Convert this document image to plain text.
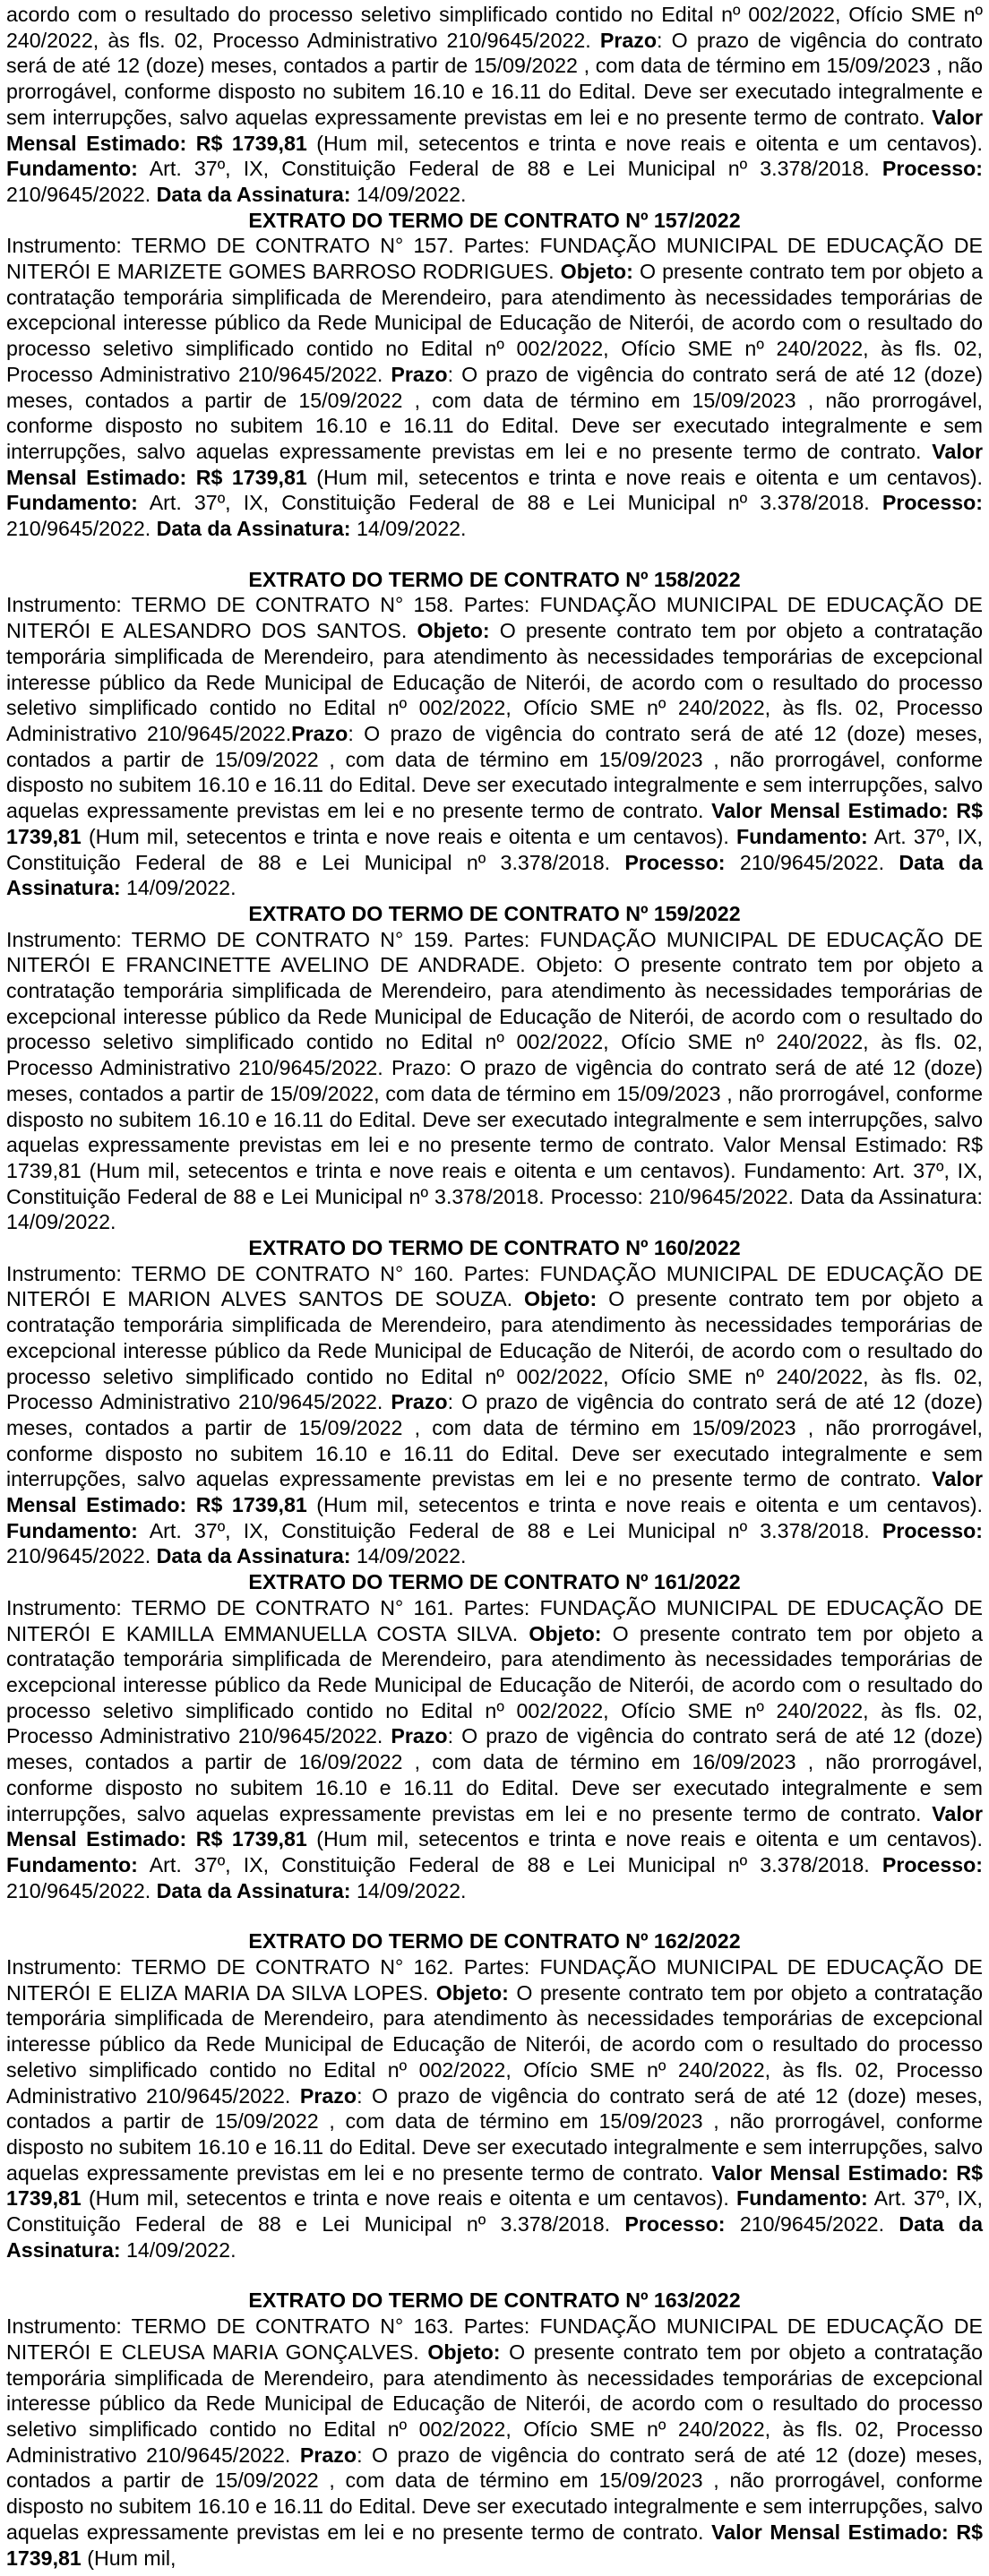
acordo com o resultado do processo seletivo simplificado contido no Edital nº 002/2022, Ofício SME nº 240/2022, às fls. 02, Processo Administrativo 210/9645/2022. Prazo: O prazo de vigência do contrato será de até 12 (doze) meses, contados a partir de 15/09/2022 , com data de término em 15/09/2023 , não prorrogável, conforme disposto no subitem 16.10 e 16.11 do Edital. Deve ser executado integralmente e sem interrupções, salvo aquelas expressamente previstas em lei e no presente termo de contrato. Valor Mensal Estimado: R$ 1739,81 (Hum mil, setecentos e trinta e nove reais e oitenta e um centavos). Fundamento: Art. 37º, IX, Constituição Federal de 88 e Lei Municipal nº 3.378/2018. Processo: 210/9645/2022. Data da Assinatura: 14/09/2022.

EXTRATO DO TERMO DE CONTRATO Nº 157/2022

Instrumento: TERMO DE CONTRATO N° 157. Partes: FUNDAÇÃO MUNICIPAL DE EDUCAÇÃO DE NITERÓI E MARIZETE GOMES BARROSO RODRIGUES. Objeto: O presente contrato tem por objeto a contratação temporária simplificada de Merendeiro, para atendimento às necessidades temporárias de excepcional interesse público da Rede Municipal de Educação de Niterói, de acordo com o resultado do processo seletivo simplificado contido no Edital nº 002/2022, Ofício SME nº 240/2022, às fls. 02, Processo Administrativo 210/9645/2022. Prazo: O prazo de vigência do contrato será de até 12 (doze) meses, contados a partir de 15/09/2022 , com data de término em 15/09/2023 , não prorrogável, conforme disposto no subitem 16.10 e 16.11 do Edital. Deve ser executado integralmente e sem interrupções, salvo aquelas expressamente previstas em lei e no presente termo de contrato. Valor Mensal Estimado: R$ 1739,81 (Hum mil, setecentos e trinta e nove reais e oitenta e um centavos). Fundamento: Art. 37º, IX, Constituição Federal de 88 e Lei Municipal nº 3.378/2018. Processo: 210/9645/2022. Data da Assinatura: 14/09/2022.

EXTRATO DO TERMO DE CONTRATO Nº 158/2022

Instrumento: TERMO DE CONTRATO N° 158. Partes: FUNDAÇÃO MUNICIPAL DE EDUCAÇÃO DE NITERÓI E ALESANDRO DOS SANTOS. Objeto: O presente contrato tem por objeto a contratação temporária simplificada de Merendeiro, para atendimento às necessidades temporárias de excepcional interesse público da Rede Municipal de Educação de Niterói, de acordo com o resultado do processo seletivo simplificado contido no Edital nº 002/2022, Ofício SME nº 240/2022, às fls. 02, Processo Administrativo 210/9645/2022.Prazo: O prazo de vigência do contrato será de até 12 (doze) meses, contados a partir de 15/09/2022 , com data de término em 15/09/2023 , não prorrogável, conforme disposto no subitem 16.10 e 16.11 do Edital. Deve ser executado integralmente e sem interrupções, salvo aquelas expressamente previstas em lei e no presente termo de contrato. Valor Mensal Estimado: R$ 1739,81 (Hum mil, setecentos e trinta e nove reais e oitenta e um centavos). Fundamento: Art. 37º, IX, Constituição Federal de 88 e Lei Municipal nº 3.378/2018. Processo: 210/9645/2022. Data da Assinatura: 14/09/2022.

EXTRATO DO TERMO DE CONTRATO Nº 159/2022

Instrumento: TERMO DE CONTRATO N° 159. Partes: FUNDAÇÃO MUNICIPAL DE EDUCAÇÃO DE NITERÓI E FRANCINETTE AVELINO DE ANDRADE. Objeto: O presente contrato tem por objeto a contratação temporária simplificada de Merendeiro, para atendimento às necessidades temporárias de excepcional interesse público da Rede Municipal de Educação de Niterói, de acordo com o resultado do processo seletivo simplificado contido no Edital nº 002/2022, Ofício SME nº 240/2022, às fls. 02, Processo Administrativo 210/9645/2022. Prazo: O prazo de vigência do contrato será de até 12 (doze) meses, contados a partir de 15/09/2022, com data de término em 15/09/2023 , não prorrogável, conforme disposto no subitem 16.10 e 16.11 do Edital. Deve ser executado integralmente e sem interrupções, salvo aquelas expressamente previstas em lei e no presente termo de contrato. Valor Mensal Estimado: R$ 1739,81 (Hum mil, setecentos e trinta e nove reais e oitenta e um centavos). Fundamento: Art. 37º, IX, Constituição Federal de 88 e Lei Municipal nº 3.378/2018. Processo: 210/9645/2022. Data da Assinatura: 14/09/2022.

EXTRATO DO TERMO DE CONTRATO Nº 160/2022

Instrumento: TERMO DE CONTRATO N° 160. Partes: FUNDAÇÃO MUNICIPAL DE EDUCAÇÃO DE NITERÓI E MARION ALVES SANTOS DE SOUZA. Objeto: O presente contrato tem por objeto a contratação temporária simplificada de Merendeiro, para atendimento às necessidades temporárias de excepcional interesse público da Rede Municipal de Educação de Niterói, de acordo com o resultado do processo seletivo simplificado contido no Edital nº 002/2022, Ofício SME nº 240/2022, às fls. 02, Processo Administrativo 210/9645/2022. Prazo: O prazo de vigência do contrato será de até 12 (doze) meses, contados a partir de 15/09/2022 , com data de término em 15/09/2023 , não prorrogável, conforme disposto no subitem 16.10 e 16.11 do Edital. Deve ser executado integralmente e sem interrupções, salvo aquelas expressamente previstas em lei e no presente termo de contrato. Valor Mensal Estimado: R$ 1739,81 (Hum mil, setecentos e trinta e nove reais e oitenta e um centavos). Fundamento: Art. 37º, IX, Constituição Federal de 88 e Lei Municipal nº 3.378/2018. Processo: 210/9645/2022. Data da Assinatura: 14/09/2022.

EXTRATO DO TERMO DE CONTRATO Nº 161/2022

Instrumento: TERMO DE CONTRATO N° 161. Partes: FUNDAÇÃO MUNICIPAL DE EDUCAÇÃO DE NITERÓI E KAMILLA EMMANUELLA COSTA SILVA. Objeto: O presente contrato tem por objeto a contratação temporária simplificada de Merendeiro, para atendimento às necessidades temporárias de excepcional interesse público da Rede Municipal de Educação de Niterói, de acordo com o resultado do processo seletivo simplificado contido no Edital nº 002/2022, Ofício SME nº 240/2022, às fls. 02, Processo Administrativo 210/9645/2022. Prazo: O prazo de vigência do contrato será de até 12 (doze) meses, contados a partir de 16/09/2022 , com data de término em 16/09/2023 , não prorrogável, conforme disposto no subitem 16.10 e 16.11 do Edital. Deve ser executado integralmente e sem interrupções, salvo aquelas expressamente previstas em lei e no presente termo de contrato. Valor Mensal Estimado: R$ 1739,81 (Hum mil, setecentos e trinta e nove reais e oitenta e um centavos). Fundamento: Art. 37º, IX, Constituição Federal de 88 e Lei Municipal nº 3.378/2018. Processo: 210/9645/2022. Data da Assinatura: 14/09/2022.

EXTRATO DO TERMO DE CONTRATO Nº 162/2022

Instrumento: TERMO DE CONTRATO N° 162. Partes: FUNDAÇÃO MUNICIPAL DE EDUCAÇÃO DE NITERÓI E ELIZA MARIA DA SILVA LOPES. Objeto: O presente contrato tem por objeto a contratação temporária simplificada de Merendeiro, para atendimento às necessidades temporárias de excepcional interesse público da Rede Municipal de Educação de Niterói, de acordo com o resultado do processo seletivo simplificado contido no Edital nº 002/2022, Ofício SME nº 240/2022, às fls. 02, Processo Administrativo 210/9645/2022. Prazo: O prazo de vigência do contrato será de até 12 (doze) meses, contados a partir de 15/09/2022 , com data de término em 15/09/2023 , não prorrogável, conforme disposto no subitem 16.10 e 16.11 do Edital. Deve ser executado integralmente e sem interrupções, salvo aquelas expressamente previstas em lei e no presente termo de contrato. Valor Mensal Estimado: R$ 1739,81 (Hum mil, setecentos e trinta e nove reais e oitenta e um centavos). Fundamento: Art. 37º, IX, Constituição Federal de 88 e Lei Municipal nº 3.378/2018. Processo: 210/9645/2022. Data da Assinatura: 14/09/2022.

EXTRATO DO TERMO DE CONTRATO Nº 163/2022

Instrumento: TERMO DE CONTRATO N° 163. Partes: FUNDAÇÃO MUNICIPAL DE EDUCAÇÃO DE NITERÓI E CLEUSA MARIA GONÇALVES. Objeto: O presente contrato tem por objeto a contratação temporária simplificada de Merendeiro, para atendimento às necessidades temporárias de excepcional interesse público da Rede Municipal de Educação de Niterói, de acordo com o resultado do processo seletivo simplificado contido no Edital nº 002/2022, Ofício SME nº 240/2022, às fls. 02, Processo Administrativo 210/9645/2022. Prazo: O prazo de vigência do contrato será de até 12 (doze) meses, contados a partir de 15/09/2022 , com data de término em 15/09/2023 , não prorrogável, conforme disposto no subitem 16.10 e 16.11 do Edital. Deve ser executado integralmente e sem interrupções, salvo aquelas expressamente previstas em lei e no presente termo de contrato. Valor Mensal Estimado: R$ 1739,81 (Hum mil,
